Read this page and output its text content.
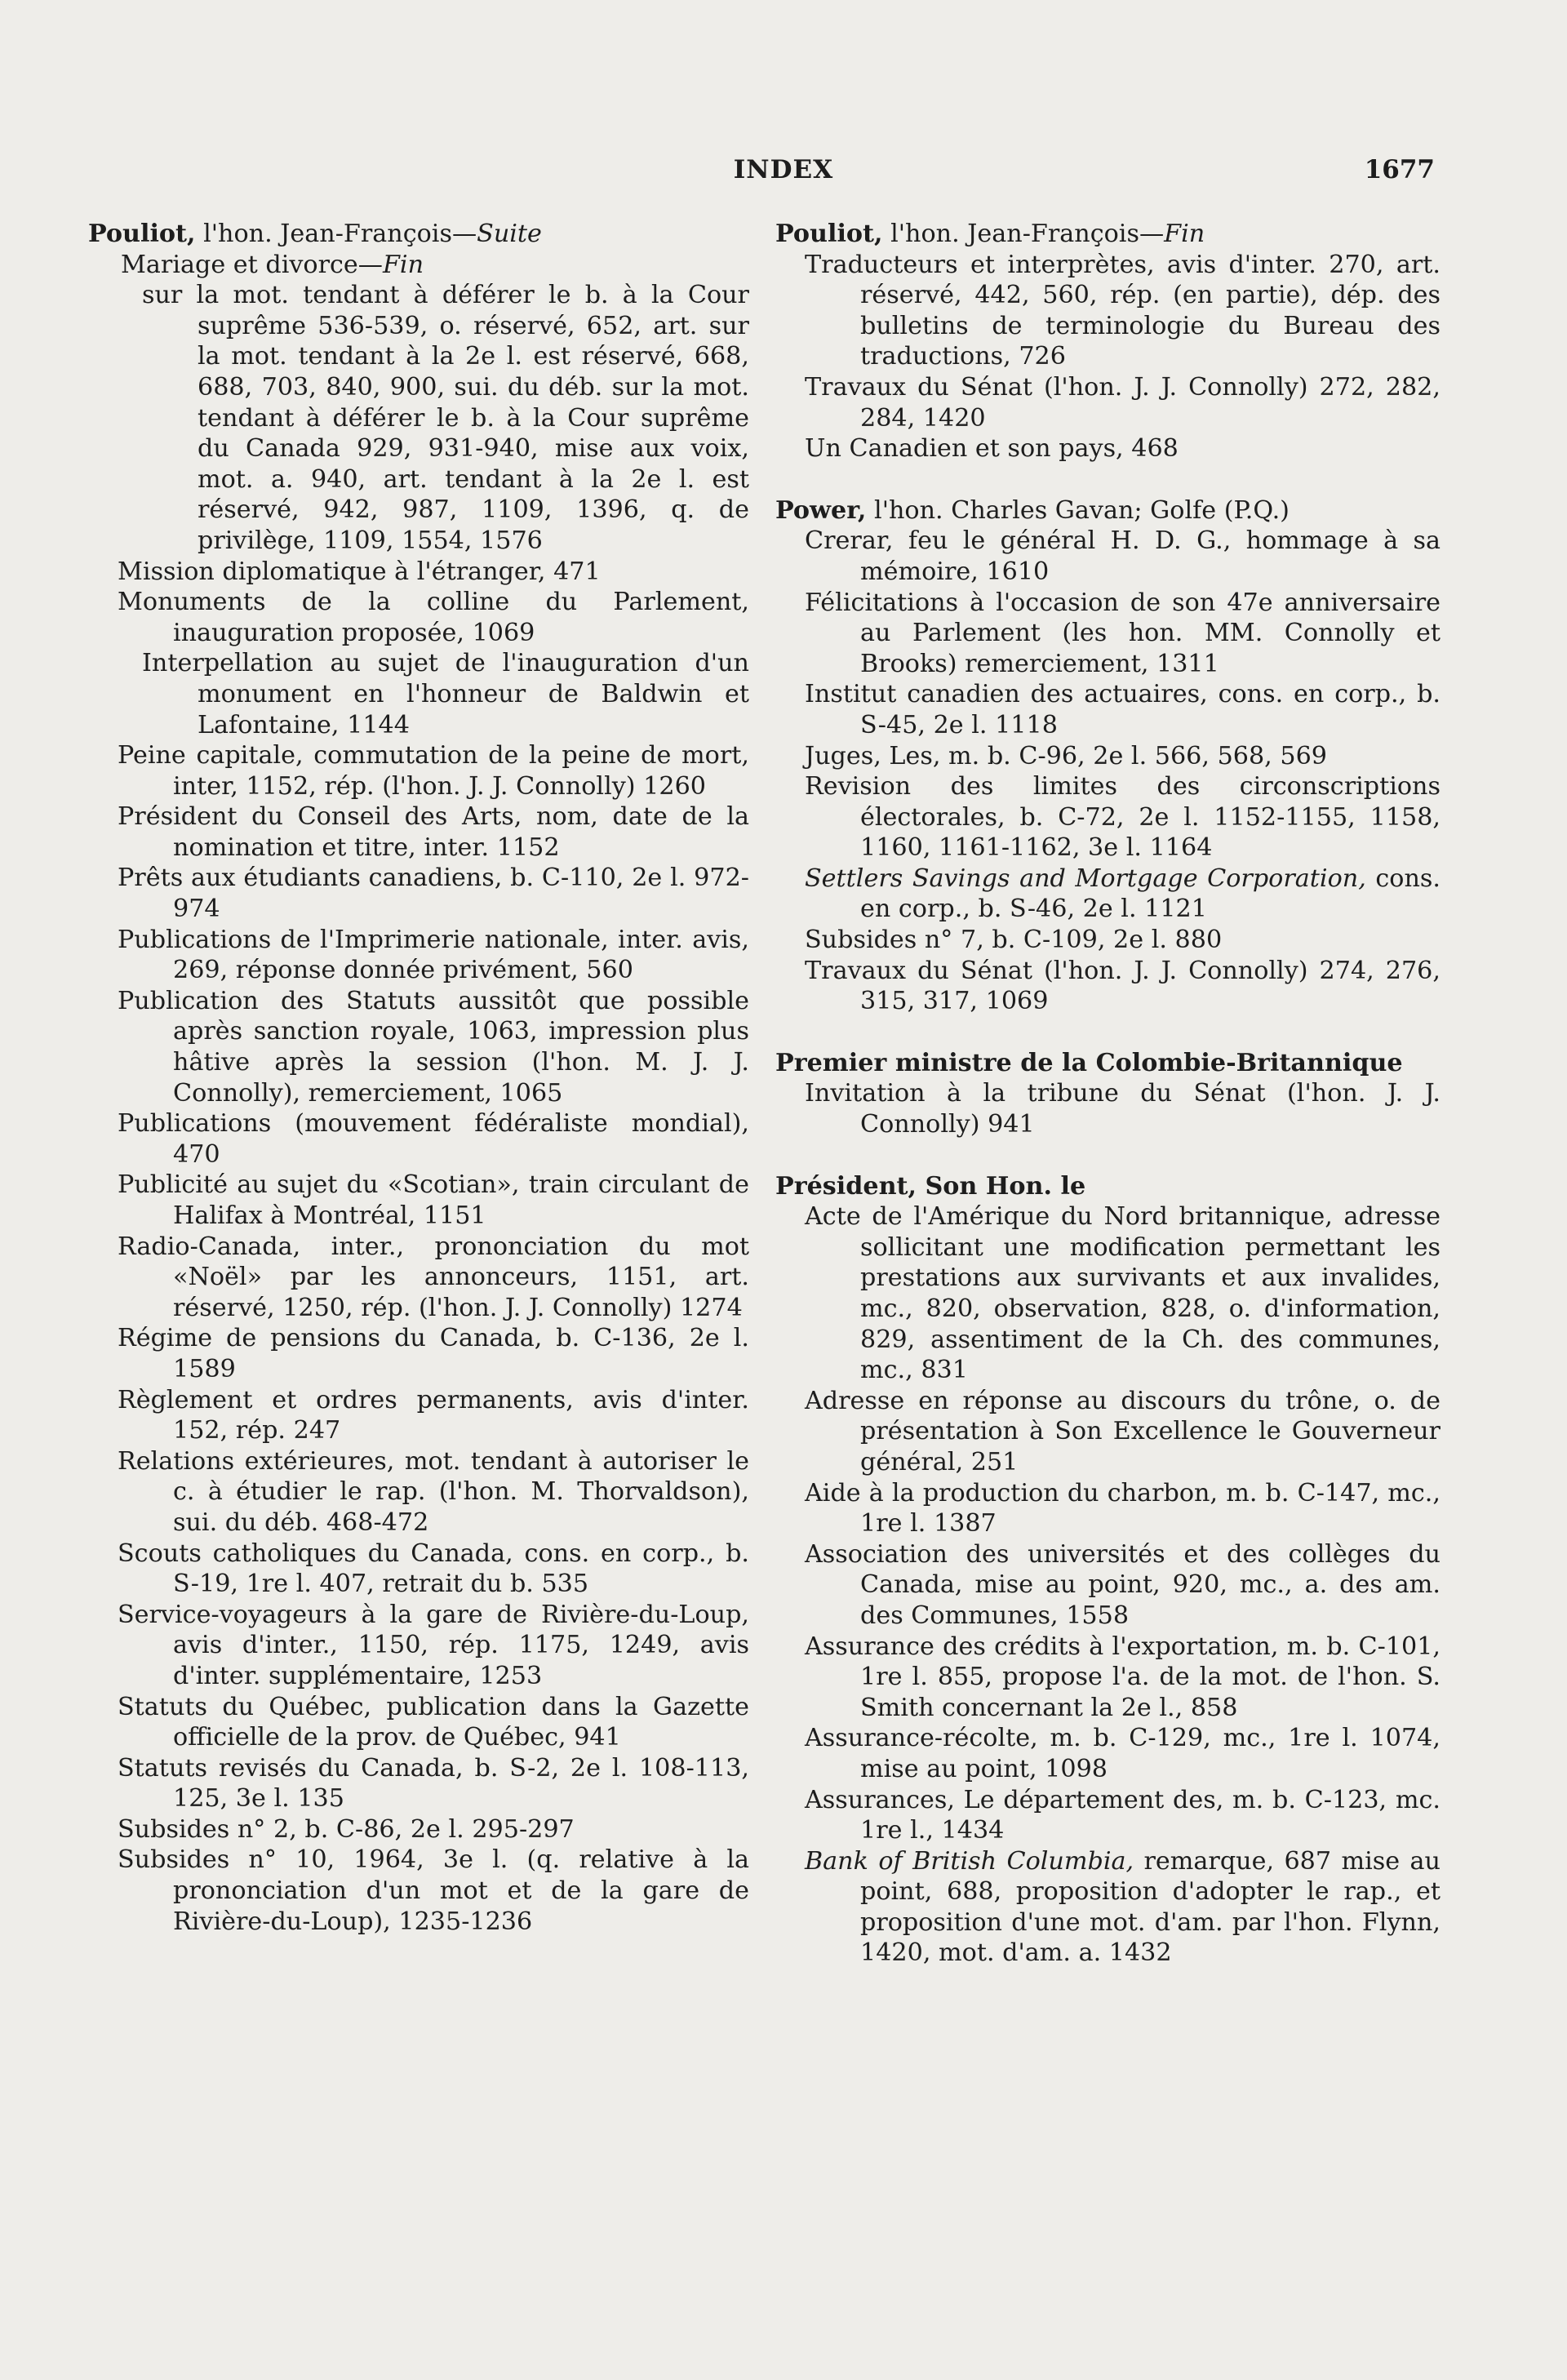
INDEX	1677
Pouliot, l'hon. Jean-François—Suite
Mariage et divorce—Fin
sur la mot. tendant à déférer le b. à la Cour suprême 536-539, o. réservé, 652, art. sur la mot. tendant à la 2e l. est réservé, 668, 688, 703, 840, 900, sui. du déb. sur la mot. tendant à déférer le b. à la Cour suprême du Canada 929, 931-940, mise aux voix, mot. a. 940, art. tendant à la 2e l. est réservé, 942, 987, 1109, 1396, q. de privilège, 1109, 1554, 1576
Mission diplomatique à l'étranger, 471
Monuments de la colline du Parlement, inauguration proposée, 1069
Interpellation au sujet de l'inauguration d'un monument en l'honneur de Baldwin et Lafontaine, 1144
Peine capitale, commutation de la peine de mort, inter, 1152, rép. (l'hon. J. J. Connolly) 1260
Président du Conseil des Arts, nom, date de la nomination et titre, inter. 1152
Prêts aux étudiants canadiens, b. C-110, 2e l. 972-974
Publications de l'Imprimerie nationale, inter. avis, 269, réponse donnée privément, 560
Publication des Statuts aussitôt que possible après sanction royale, 1063, impression plus hâtive après la session (l'hon. M. J. J. Connolly), remerciement, 1065
Publications (mouvement fédéraliste mondial), 470
Publicité au sujet du «Scotian», train circulant de Halifax à Montréal, 1151
Radio-Canada, inter., prononciation du mot «Noël» par les annonceurs, 1151, art. réservé, 1250, rép. (l'hon. J. J. Connolly) 1274
Régime de pensions du Canada, b. C-136, 2e l. 1589
Règlement et ordres permanents, avis d'inter. 152, rép. 247
Relations extérieures, mot. tendant à autoriser le c. à étudier le rap. (l'hon. M. Thorvaldson), sui. du déb. 468-472
Scouts catholiques du Canada, cons. en corp., b. S-19, 1re l. 407, retrait du b. 535
Service-voyageurs à la gare de Rivière-du-Loup, avis d'inter., 1150, rép. 1175, 1249, avis d'inter. supplémentaire, 1253
Statuts du Québec, publication dans la Gazette officielle de la prov. de Québec, 941
Statuts revisés du Canada, b. S-2, 2e l. 108-113, 125, 3e l. 135
Subsides n° 2, b. C-86, 2e l. 295-297
Subsides n° 10, 1964, 3e l. (q. relative à la prononciation d'un mot et de la gare de Rivière-du-Loup), 1235-1236
Pouliot, l'hon. Jean-François—Fin
Traducteurs et interprètes, avis d'inter. 270, art. réservé, 442, 560, rép. (en partie), dép. des bulletins de terminologie du Bureau des traductions, 726
Travaux du Sénat (l'hon. J. J. Connolly) 272, 282, 284, 1420
Un Canadien et son pays, 468
Power, l'hon. Charles Gavan; Golfe (P.Q.)
Crerar, feu le général H. D. G., hommage à sa mémoire, 1610
Félicitations à l'occasion de son 47e anniversaire au Parlement (les hon. MM. Connolly et Brooks) remerciement, 1311
Institut canadien des actuaires, cons. en corp., b. S-45, 2e l. 1118
Juges, Les, m. b. C-96, 2e l. 566, 568, 569
Revision des limites des circonscriptions électorales, b. C-72, 2e l. 1152-1155, 1158, 1160, 1161-1162, 3e l. 1164
Settlers Savings and Mortgage Corporation, cons. en corp., b. S-46, 2e l. 1121
Subsides n° 7, b. C-109, 2e l. 880
Travaux du Sénat (l'hon. J. J. Connolly) 274, 276, 315, 317, 1069
Premier ministre de la Colombie-Britannique
Invitation à la tribune du Sénat (l'hon. J. J. Connolly) 941
Président, Son Hon. le
Acte de l'Amérique du Nord britannique, adresse sollicitant une modification permettant les prestations aux survivants et aux invalides, mc., 820, observation, 828, o. d'information, 829, assentiment de la Ch. des communes, mc., 831
Adresse en réponse au discours du trône, o. de présentation à Son Excellence le Gouverneur général, 251
Aide à la production du charbon, m. b. C-147, mc., 1re l. 1387
Association des universités et des collèges du Canada, mise au point, 920, mc., a. des am. des Communes, 1558
Assurance des crédits à l'exportation, m. b. C-101, 1re l. 855, propose l'a. de la mot. de l'hon. S. Smith concernant la 2e l., 858
Assurance-récolte, m. b. C-129, mc., 1re l. 1074, mise au point, 1098
Assurances, Le département des, m. b. C-123, mc. 1re l., 1434
Bank of British Columbia, remarque, 687 mise au point, 688, proposition d'adopter le rap., et proposition d'une mot. d'am. par l'hon. Flynn, 1420, mot. d'am. a. 1432
